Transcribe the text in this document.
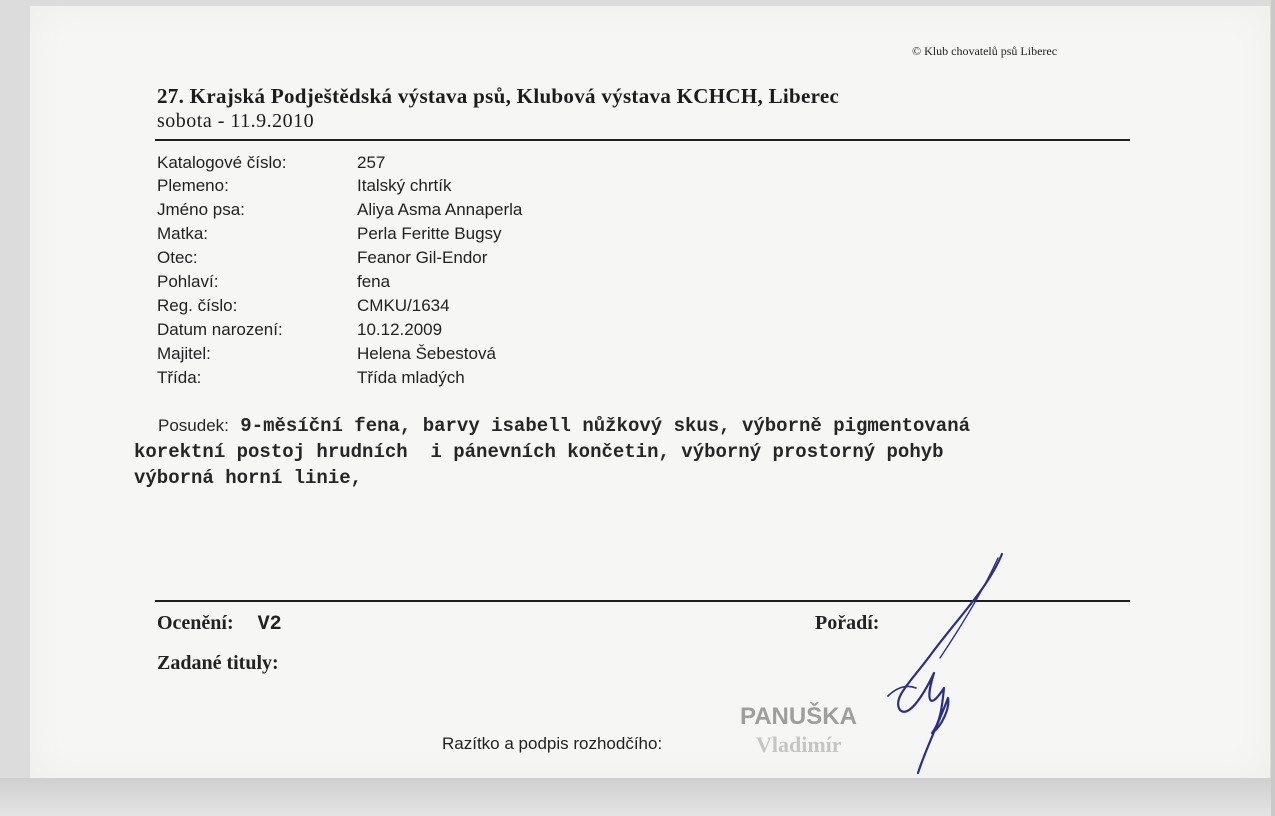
© Klub chovatelů psů Liberec
27. Krajská Podještědská výstava psů, Klubová výstava KCHCH, Liberec
sobota - 11.9.2010
Katalogové číslo:	257
Plemeno:	Italský chrtík
Jméno psa:	Aliya Asma Annaperla
Matka:	Perla Feritte Bugsy
Otec:	Feanor Gil-Endor
Pohlaví:	fena
Reg. číslo:	CMKU/1634
Datum narození:	10.12.2009
Majitel:	Helena Šebestová
Třída:	Třída mladých
Posudek: 9-měsíční fena, barvy isabell nůžkový skus, výborně pigmentovaná
korektní postoj hrudních  i pánevních končetin, výborný prostorný pohyb
výborná horní linie,
Ocenění: V2	Pořadí:
Zadané tituly:
Razítko a podpis rozhodčího:
PANUŠKA
Vladimír
